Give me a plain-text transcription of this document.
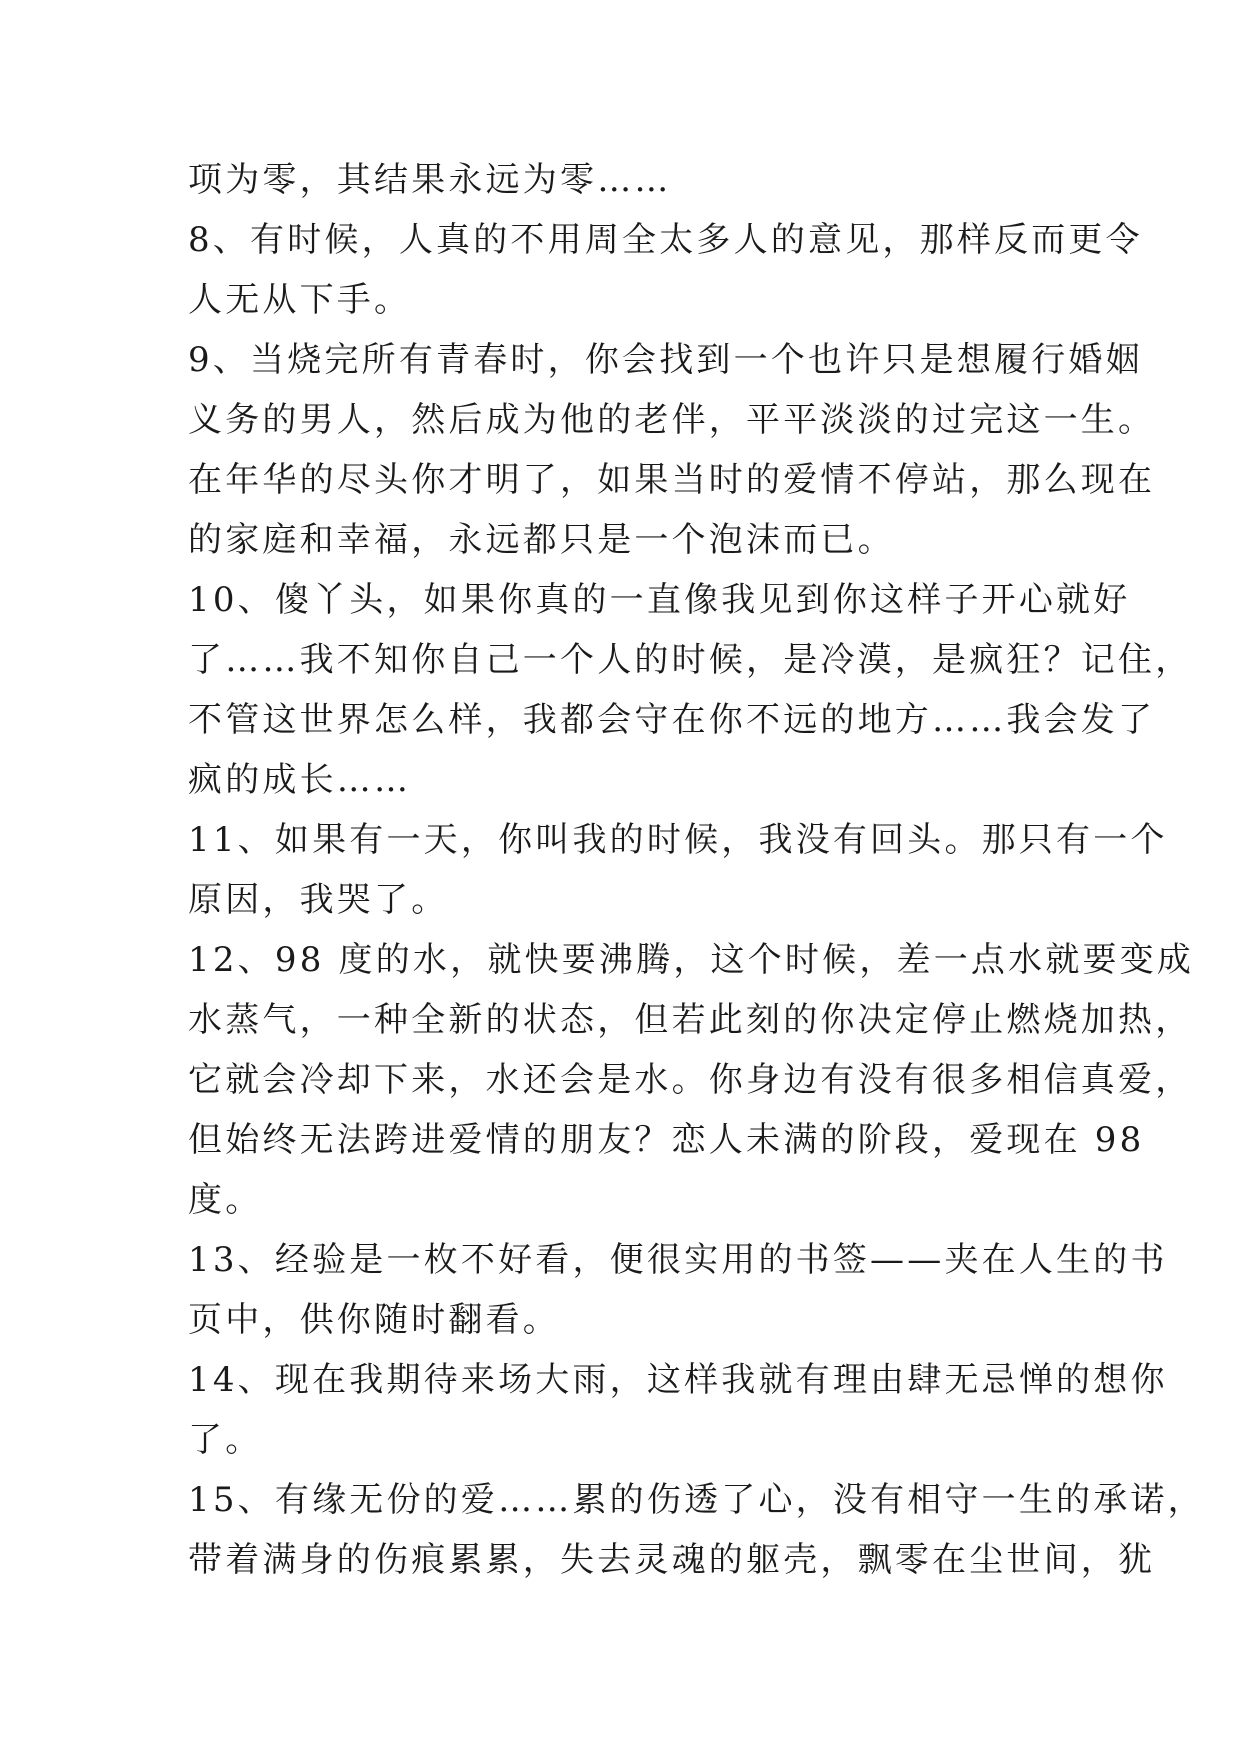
项为零，其结果永远为零……
8、有时候，人真的不用周全太多人的意见，那样反而更令
人无从下手。
9、当烧完所有青春时，你会找到一个也许只是想履行婚姻
义务的男人，然后成为他的老伴，平平淡淡的过完这一生。
在年华的尽头你才明了，如果当时的爱情不停站，那么现在
的家庭和幸福，永远都只是一个泡沫而已。
10、傻丫头，如果你真的一直像我见到你这样子开心就好
了……我不知你自己一个人的时候，是冷漠，是疯狂？记住，
不管这世界怎么样，我都会守在你不远的地方……我会发了
疯的成长……
11、如果有一天，你叫我的时候，我没有回头。那只有一个
原因，我哭了。
12、98 度的水，就快要沸腾，这个时候，差一点水就要变成
水蒸气，一种全新的状态，但若此刻的你决定停止燃烧加热，
它就会冷却下来，水还会是水。你身边有没有很多相信真爱，
但始终无法跨进爱情的朋友？恋人未满的阶段，爱现在 98
度。
13、经验是一枚不好看，便很实用的书签——夹在人生的书
页中，供你随时翻看。
14、现在我期待来场大雨，这样我就有理由肆无忌惮的想你
了。
15、有缘无份的爱……累的伤透了心，没有相守一生的承诺，
带着满身的伤痕累累，失去灵魂的躯壳，飘零在尘世间，犹
